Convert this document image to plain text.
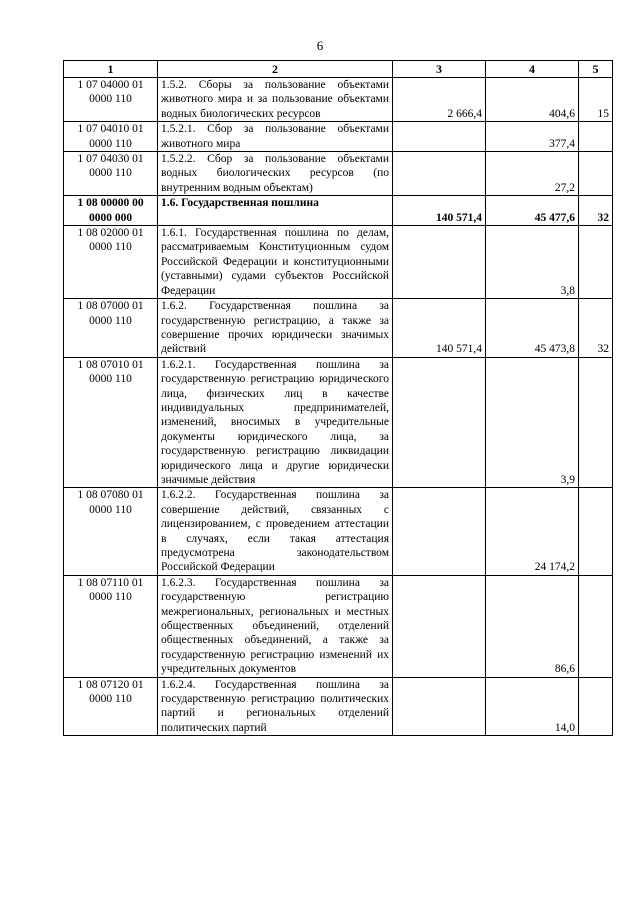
6
1	2	3	4	5
1 07 04000 01 0000 110	1.5.2. Сборы за пользование объектами животного мира и за пользование объектами водных биологических ресурсов	2 666,4	404,6	15
1 07 04010 01 0000 110	1.5.2.1. Сбор за пользование объектами животного мира		377,4	
1 07 04030 01 0000 110	1.5.2.2. Сбор за пользование объектами водных биологических ресурсов (по внутренним водным объектам)		27,2	
1 08 00000 00 0000 000	1.6. Государственная пошлина	140 571,4	45 477,6	32
1 08 02000 01 0000 110	1.6.1. Государственная пошлина по делам, рассматриваемым Конституционным судом Российской Федерации и конституционными (уставными) судами субъектов Российской Федерации		3,8	
1 08 07000 01 0000 110	1.6.2. Государственная пошлина за государственную регистрацию, а также за совершение прочих юридически значимых действий	140 571,4	45 473,8	32
1 08 07010 01 0000 110	1.6.2.1. Государственная пошлина за государственную регистрацию юридического лица, физических лиц в качестве индивидуальных предпринимателей, изменений, вносимых в учредительные документы юридического лица, за государственную регистрацию ликвидации юридического лица и другие юридически значимые действия		3,9	
1 08 07080 01 0000 110	1.6.2.2. Государственная пошлина за совершение действий, связанных с лицензированием, с проведением аттестации в случаях, если такая аттестация предусмотрена законодательством Российской Федерации		24 174,2	
1 08 07110 01 0000 110	1.6.2.3. Государственная пошлина за государственную регистрацию межрегиональных, региональных и местных общественных объединений, отделений общественных объединений, а также за государственную регистрацию изменений их учредительных документов		86,6	
1 08 07120 01 0000 110	1.6.2.4. Государственная пошлина за государственную регистрацию политических партий и региональных отделений политических партий		14,0	
